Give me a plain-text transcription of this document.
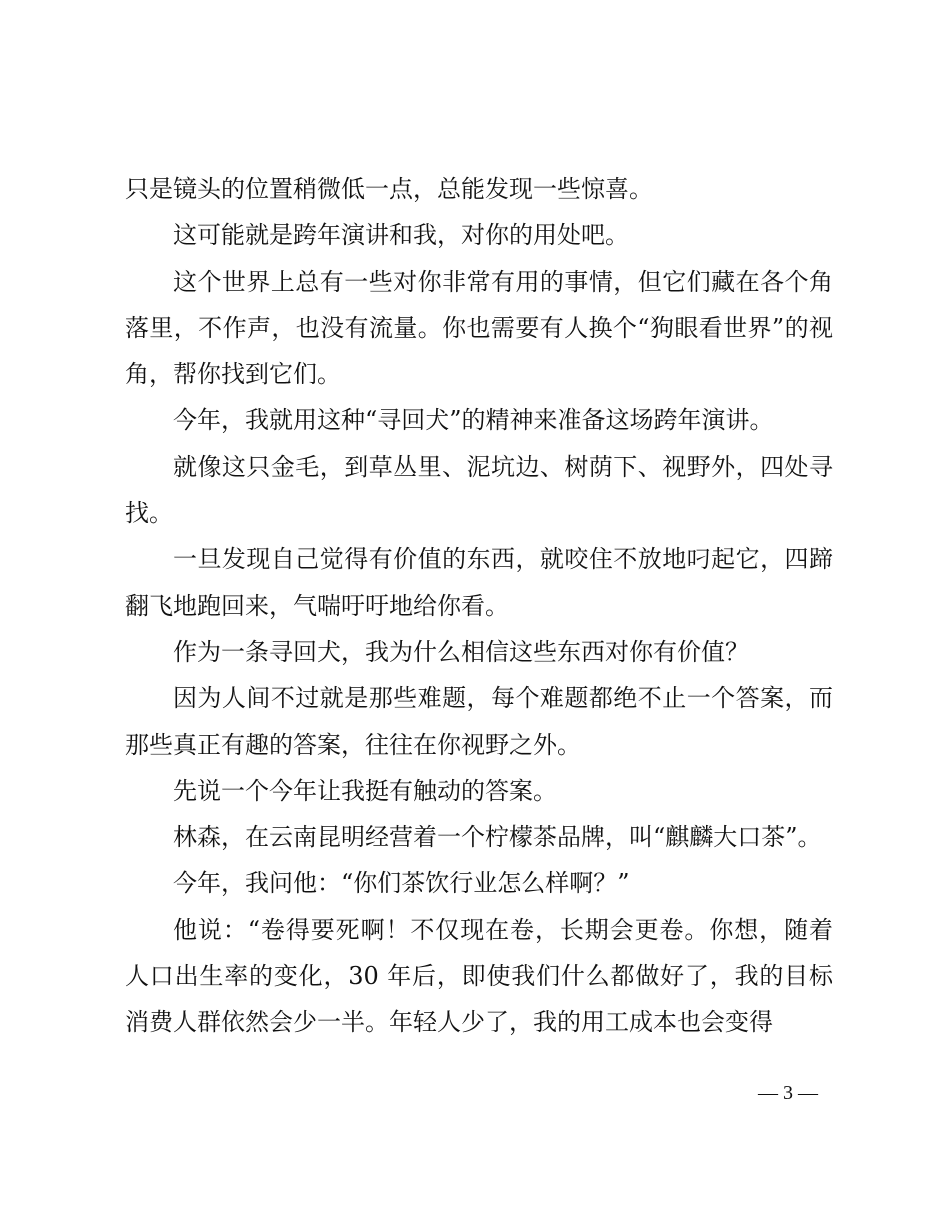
只是镜头的位置稍微低一点，总能发现一些惊喜。

这可能就是跨年演讲和我，对你的用处吧。

这个世界上总有一些对你非常有用的事情，但它们藏在各个角落里，不作声，也没有流量。你也需要有人换个“狗眼看世界”的视角，帮你找到它们。

今年，我就用这种“寻回犬”的精神来准备这场跨年演讲。

就像这只金毛，到草丛里、泥坑边、树荫下、视野外，四处寻找。

一旦发现自己觉得有价值的东西，就咬住不放地叼起它，四蹄翻飞地跑回来，气喘吁吁地给你看。

作为一条寻回犬，我为什么相信这些东西对你有价值？

因为人间不过就是那些难题，每个难题都绝不止一个答案，而那些真正有趣的答案，往往在你视野之外。

先说一个今年让我挺有触动的答案。

林森，在云南昆明经营着一个柠檬茶品牌，叫“麒麟大口茶”。

今年，我问他：“你们茶饮行业怎么样啊？”

他说：“卷得要死啊！不仅现在卷，长期会更卷。你想，随着人口出生率的变化，30 年后，即使我们什么都做好了，我的目标消费人群依然会少一半。年轻人少了，我的用工成本也会变得

— 3 —
